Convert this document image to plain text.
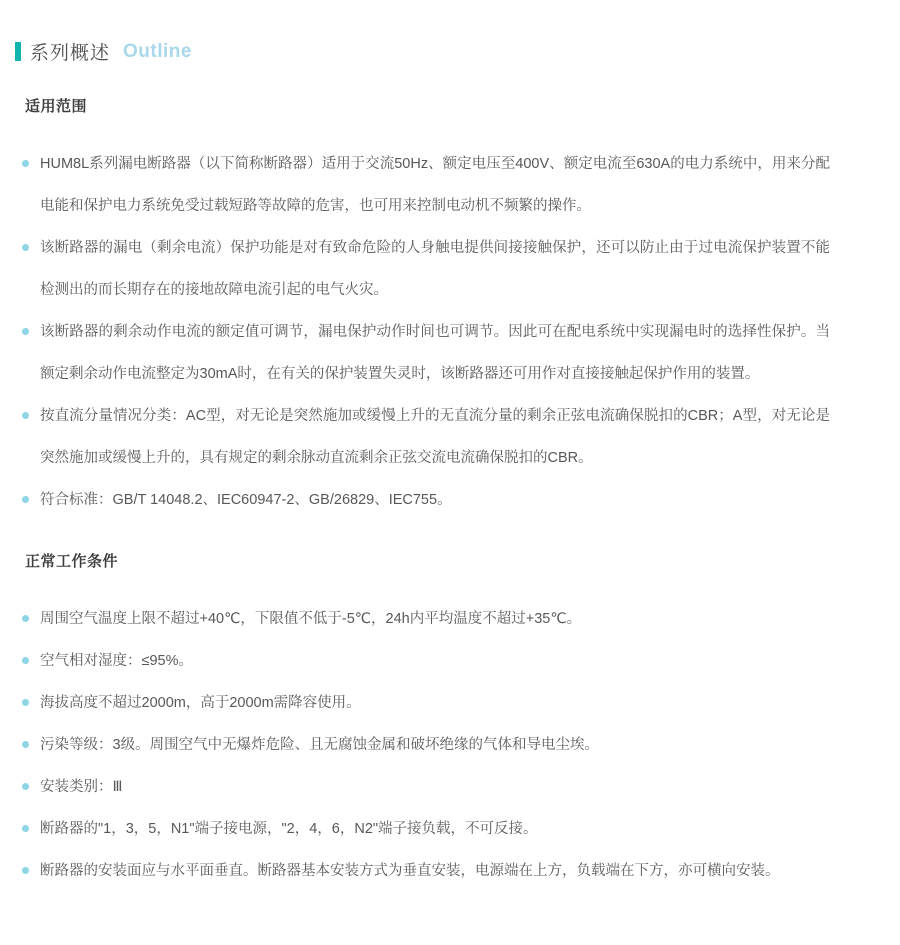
系列概述 Outline
适用范围
HUM8L系列漏电断路器（以下简称断路器）适用于交流50Hz、额定电压至400V、额定电流至630A的电力系统中，用来分配电能和保护电力系统免受过载短路等故障的危害，也可用来控制电动机不频繁的操作。
该断路器的漏电（剩余电流）保护功能是对有致命危险的人身触电提供间接接触保护，还可以防止由于过电流保护装置不能检测出的而长期存在的接地故障电流引起的电气火灾。
该断路器的剩余动作电流的额定值可调节，漏电保护动作时间也可调节。因此可在配电系统中实现漏电时的选择性保护。当额定剩余动作电流整定为30mA时，在有关的保护装置失灵时，该断路器还可用作对直接接触起保护作用的装置。
按直流分量情况分类：AC型，对无论是突然施加或缓慢上升的无直流分量的剩余正弦电流确保脱扣的CBR；A型，对无论是突然施加或缓慢上升的，具有规定的剩余脉动直流剩余正弦交流电流确保脱扣的CBR。
符合标准：GB/T 14048.2、IEC60947-2、GB/26829、IEC755。
正常工作条件
周围空气温度上限不超过+40℃，下限值不低于-5℃，24h内平均温度不超过+35℃。
空气相对湿度：≤95%。
海拔高度不超过2000m，高于2000m需降容使用。
污染等级：3级。周围空气中无爆炸危险、且无腐蚀金属和破坏绝缘的气体和导电尘埃。
安装类别：Ⅲ
断路器的"1，3，5，N1"端子接电源，"2，4，6，N2"端子接负载，不可反接。
断路器的安装面应与水平面垂直。断路器基本安装方式为垂直安装，电源端在上方，负载端在下方，亦可横向安装。
